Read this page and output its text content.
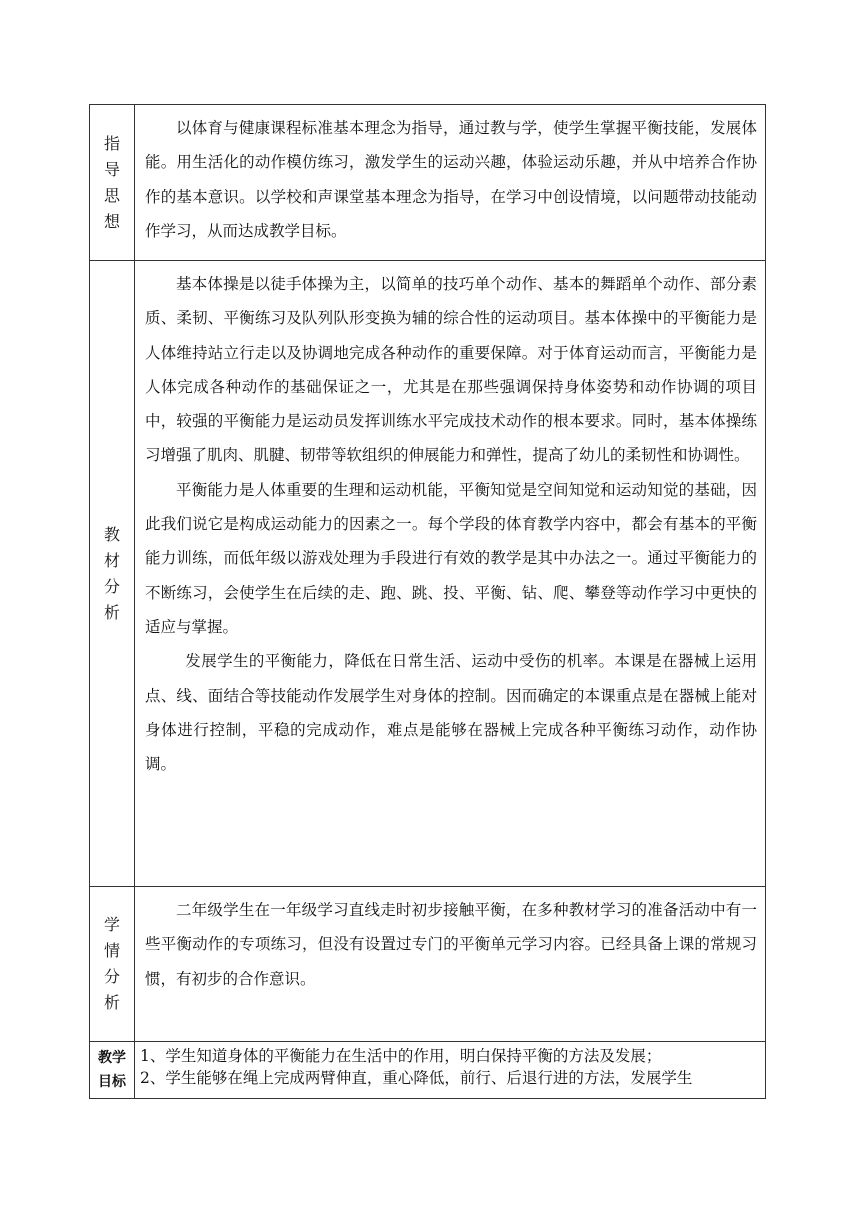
指导思想	以体育与健康课程标准基本理念为指导，通过教与学，使学生掌握平衡技能，发展体能。用生活化的动作模仿练习，激发学生的运动兴趣，体验运动乐趣，并从中培养合作协作的基本意识。以学校和声课堂基本理念为指导，在学习中创设情境，以问题带动技能动作学习，从而达成教学目标。

教材分析	基本体操是以徒手体操为主，以简单的技巧单个动作、基本的舞蹈单个动作、部分素质、柔韧、平衡练习及队列队形变换为辅的综合性的运动项目。基本体操中的平衡能力是人体维持站立行走以及协调地完成各种动作的重要保障。对于体育运动而言，平衡能力是人体完成各种动作的基础保证之一，尤其是在那些强调保持身体姿势和动作协调的项目中，较强的平衡能力是运动员发挥训练水平完成技术动作的根本要求。同时，基本体操练习增强了肌肉、肌腱、韧带等软组织的伸展能力和弹性，提高了幼儿的柔韧性和协调性。

平衡能力是人体重要的生理和运动机能，平衡知觉是空间知觉和运动知觉的基础，因此我们说它是构成运动能力的因素之一。每个学段的体育教学内容中，都会有基本的平衡能力训练，而低年级以游戏处理为手段进行有效的教学是其中办法之一。通过平衡能力的不断练习，会使学生在后续的走、跑、跳、投、平衡、钻、爬、攀登等动作学习中更快的适应与掌握。

发展学生的平衡能力，降低在日常生活、运动中受伤的机率。本课是在器械上运用点、线、面结合等技能动作发展学生对身体的控制。因而确定的本课重点是在器械上能对身体进行控制，平稳的完成动作，难点是能够在器械上完成各种平衡练习动作，动作协调。

学情分析	二年级学生在一年级学习直线走时初步接触平衡，在多种教材学习的准备活动中有一些平衡动作的专项练习，但没有设置过专门的平衡单元学习内容。已经具备上课的常规习惯，有初步的合作意识。

教学目标	1、学生知道身体的平衡能力在生活中的作用，明白保持平衡的方法及发展；

2、学生能够在绳上完成两臂伸直，重心降低，前行、后退行进的方法，发展学生
